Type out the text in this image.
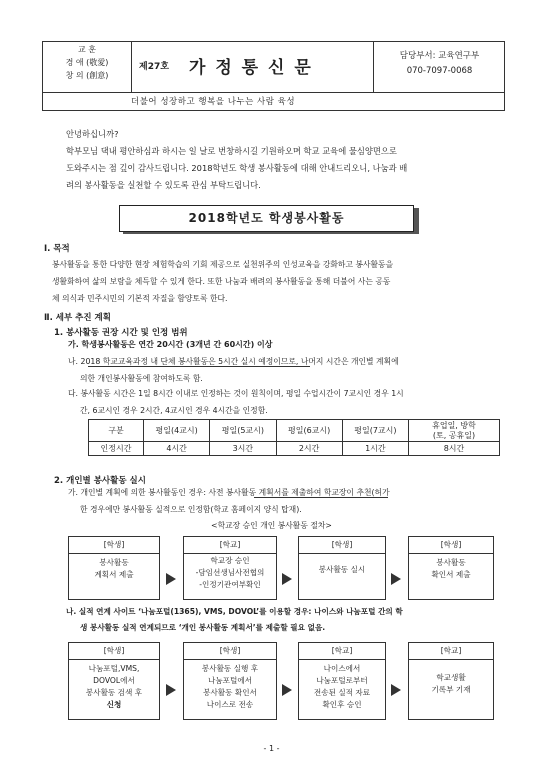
교 훈
경 애 (敬愛)
창 의 (創意)
제27호 가 정 통 신 문
담당부서: 교육연구부
070-7097-0068
더불어 성장하고 행복을 나누는 사람 육성
안녕하십니까?
학부모님 댁내 평안하심과 하시는 일 날로 번창하시길 기원하오며 학교 교육에 물심양면으로
도와주시는 점 깊이 감사드립니다. 2018학년도 학생 봉사활동에 대해 안내드리오니, 나눔과 배
려의 봉사활동을 실천할 수 있도록 관심 부탁드립니다.
2018학년도 학생봉사활동
Ⅰ. 목적
봉사활동을 통한 다양한 현장 체험학습의 기회 제공으로 실천위주의 인성교육을 강화하고 봉사활동을
생활화하여 삶의 보람을 체득할 수 있게 한다. 또한 나눔과 배려의 봉사활동을 통해 더불어 사는 공동
체 의식과 민주시민의 기본적 자질을 함양토록 한다.
Ⅱ. 세부 추진 계획
1. 봉사활동 권장 시간 및 인정 범위
가. 학생봉사활동은 연간 20시간 (3개년 간 60시간) 이상
나. 2018 학교교육과정 내 단체 봉사활동은 5시간 실시 예정이므로, 나머지 시간은 개인별 계획에
의한 개인봉사활동에 참여하도록 함.
다. 봉사활동 시간은 1일 8시간 이내로 인정하는 것이 원칙이며, 평일 수업시간이 7교시인 경우 1시
간, 6교시인 경우 2시간, 4교시인 경우 4시간을 인정함.
구분	평일(4교시)	평일(5교시)	평일(6교시)	평일(7교시)	휴업일, 방학
(토, 공휴일)
인정시간	4시간	3시간	2시간	1시간	8시간
2. 개인별 봉사활동 실시
가. 개인별 계획에 의한 봉사활동인 경우: 사전 봉사활동 계획서를 제출하여 학교장이 추천(허가
한 경우에만 봉사활동 실적으로 인정함(학교 홈페이지 양식 탑재).
<학교장 승인 개인 봉사활동 절차>
[학생]
봉사활동
계획서 제출
[학교]
학교장 승인
-담임선생님사전협의
-인정기관여부확인
[학생]
봉사활동 실시
[학생]
봉사활동
확인서 제출
나. 실적 연계 사이트 ‘나눔포털(1365), VMS, DOVOL’를 이용할 경우: 나이스와 나눔포털 간의 학
생 봉사활동 실적 연계되므로 ‘개인 봉사활동 계획서’를 제출할 필요 없음.
[학생]
나눔포털,VMS,
DOVOL에서
봉사활동 검색 후
신청
[학생]
봉사활동 실행 후
나눔포털에서
봉사활동 확인서
나이스로 전송
[학교]
나이스에서
나눔포털로부터
전송된 실적 자료
확인후 승인
[학교]
학교생활
기록부 기재
- 1 -
